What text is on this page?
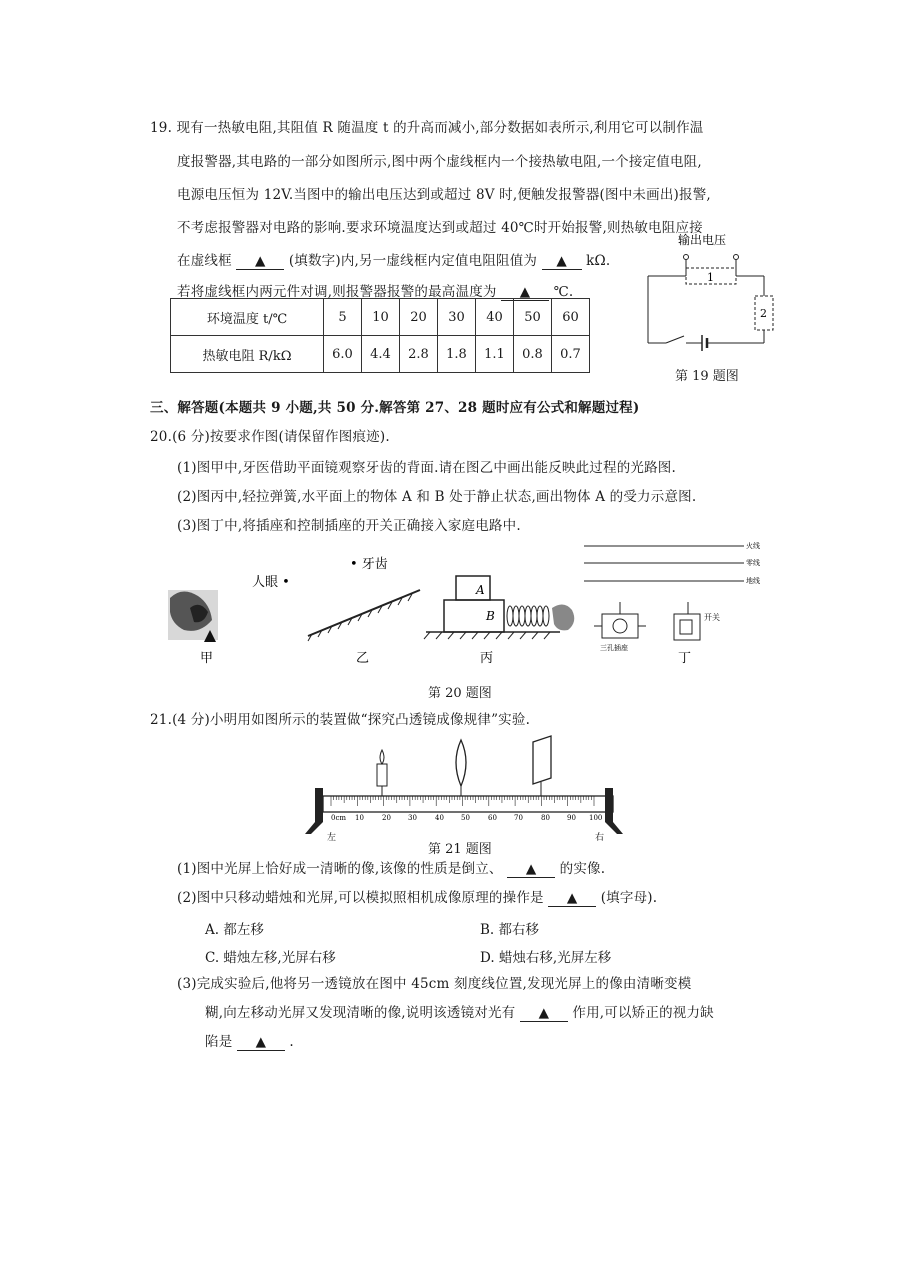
19. 现有一热敏电阻,其阻值 R 随温度 t 的升高而减小,部分数据如表所示,利用它可以制作温
度报警器,其电路的一部分如图所示,图中两个虚线框内一个接热敏电阻,一个接定值电阻,
电源电压恒为 12V.当图中的输出电压达到或超过 8V 时,便触发报警器(图中未画出)报警,
不考虑报警器对电路的影响.要求环境温度达到或超过 40℃时开始报警,则热敏电阻应接
在虚线框 ▲ (填数字)内,另一虚线框内定值电阻阻值为 ▲ kΩ.
若将虚线框内两元件对调,则报警器报警的最高温度为 ▲ ℃.
环境温度 t/℃	5	10	20	30	40	50	60
热敏电阻 R/kΩ	6.0	4.4	2.8	1.8	1.1	0.8	0.7
输出电压
1
2
第 19 题图
三、解答题(本题共 9 小题,共 50 分.解答第 27、28 题时应有公式和解题过程)
20.(6 分)按要求作图(请保留作图痕迹).
(1)图甲中,牙医借助平面镜观察牙齿的背面.请在图乙中画出能反映此过程的光路图.
(2)图丙中,轻拉弹簧,水平面上的物体 A 和 B 处于静止状态,画出物体 A 的受力示意图.
(3)图丁中,将插座和控制插座的开关正确接入家庭电路中.
甲
人眼 •
• 牙齿
乙
A
B
丙
火线
零线
地线
三孔插座
开关
丁
第 20 题图
21.(4 分)小明用如图所示的装置做“探究凸透镜成像规律”实验.
0cm 10	20 30	40 50	60 70	80 90 100
左	右
第 21 题图
(1)图中光屏上恰好成一清晰的像,该像的性质是倒立、 ▲ 的实像.
(2)图中只移动蜡烛和光屏,可以模拟照相机成像原理的操作是 ▲ (填字母).
A. 都左移	B. 都右移
C. 蜡烛左移,光屏右移	D. 蜡烛右移,光屏左移
(3)完成实验后,他将另一透镜放在图中 45cm 刻度线位置,发现光屏上的像由清晰变模
糊,向左移动光屏又发现清晰的像,说明该透镜对光有 ▲ 作用,可以矫正的视力缺
陷是 ▲ .
